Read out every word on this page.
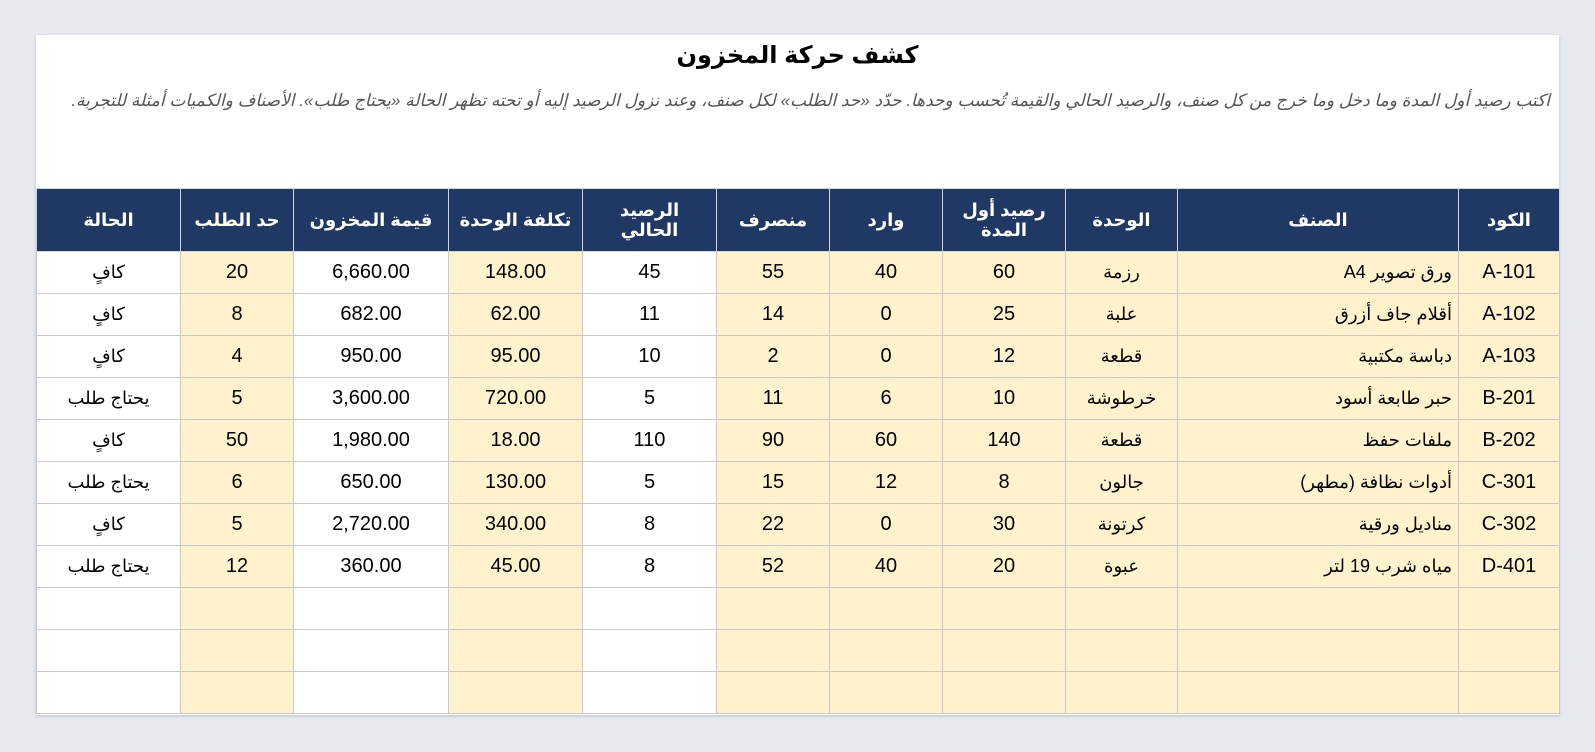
كشف حركة المخزون
اكتب رصيد أول المدة وما دخل وما خرج من كل صنف، والرصيد الحالي والقيمة تُحسب وحدها. حدّد «حد الطلب» لكل صنف، وعند نزول الرصيد إليه أو تحته تظهر الحالة «يحتاج طلب». الأصناف والكميات أمثلة للتجربة.
الكود	الصنف	الوحدة	رصيد أول المدة	وارد	منصرف	الرصيد الحالي	تكلفة الوحدة	قيمة المخزون	حد الطلب	الحالة
A-101	ورق تصوير A4	رزمة	60	40	55	45	148.00	6,660.00	20	كافٍ
A-102	أقلام جاف أزرق	علبة	25	0	14	11	62.00	682.00	8	كافٍ
A-103	دباسة مكتبية	قطعة	12	0	2	10	95.00	950.00	4	كافٍ
B-201	حبر طابعة أسود	خرطوشة	10	6	11	5	720.00	3,600.00	5	يحتاج طلب
B-202	ملفات حفظ	قطعة	140	60	90	110	18.00	1,980.00	50	كافٍ
C-301	أدوات نظافة (مطهر)	جالون	8	12	15	5	130.00	650.00	6	يحتاج طلب
C-302	مناديل ورقية	كرتونة	30	0	22	8	340.00	2,720.00	5	كافٍ
D-401	مياه شرب 19 لتر	عبوة	20	40	52	8	45.00	360.00	12	يحتاج طلب
